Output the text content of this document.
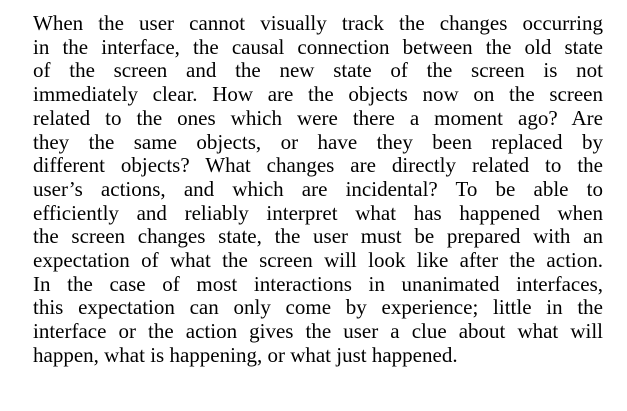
When the user cannot visually track the changes occurring
in the interface, the causal connection between the old state
of the screen and the new state of the screen is not
immediately clear. How are the objects now on the screen
related to the ones which were there a moment ago? Are
they the same objects, or have they been replaced by
different objects? What changes are directly related to the
user’s actions, and which are incidental? To be able to
efficiently and reliably interpret what has happened when
the screen changes state, the user must be prepared with an
expectation of what the screen will look like after the action.
In the case of most interactions in unanimated interfaces,
this expectation can only come by experience; little in the
interface or the action gives the user a clue about what will
happen, what is happening, or what just happened.
